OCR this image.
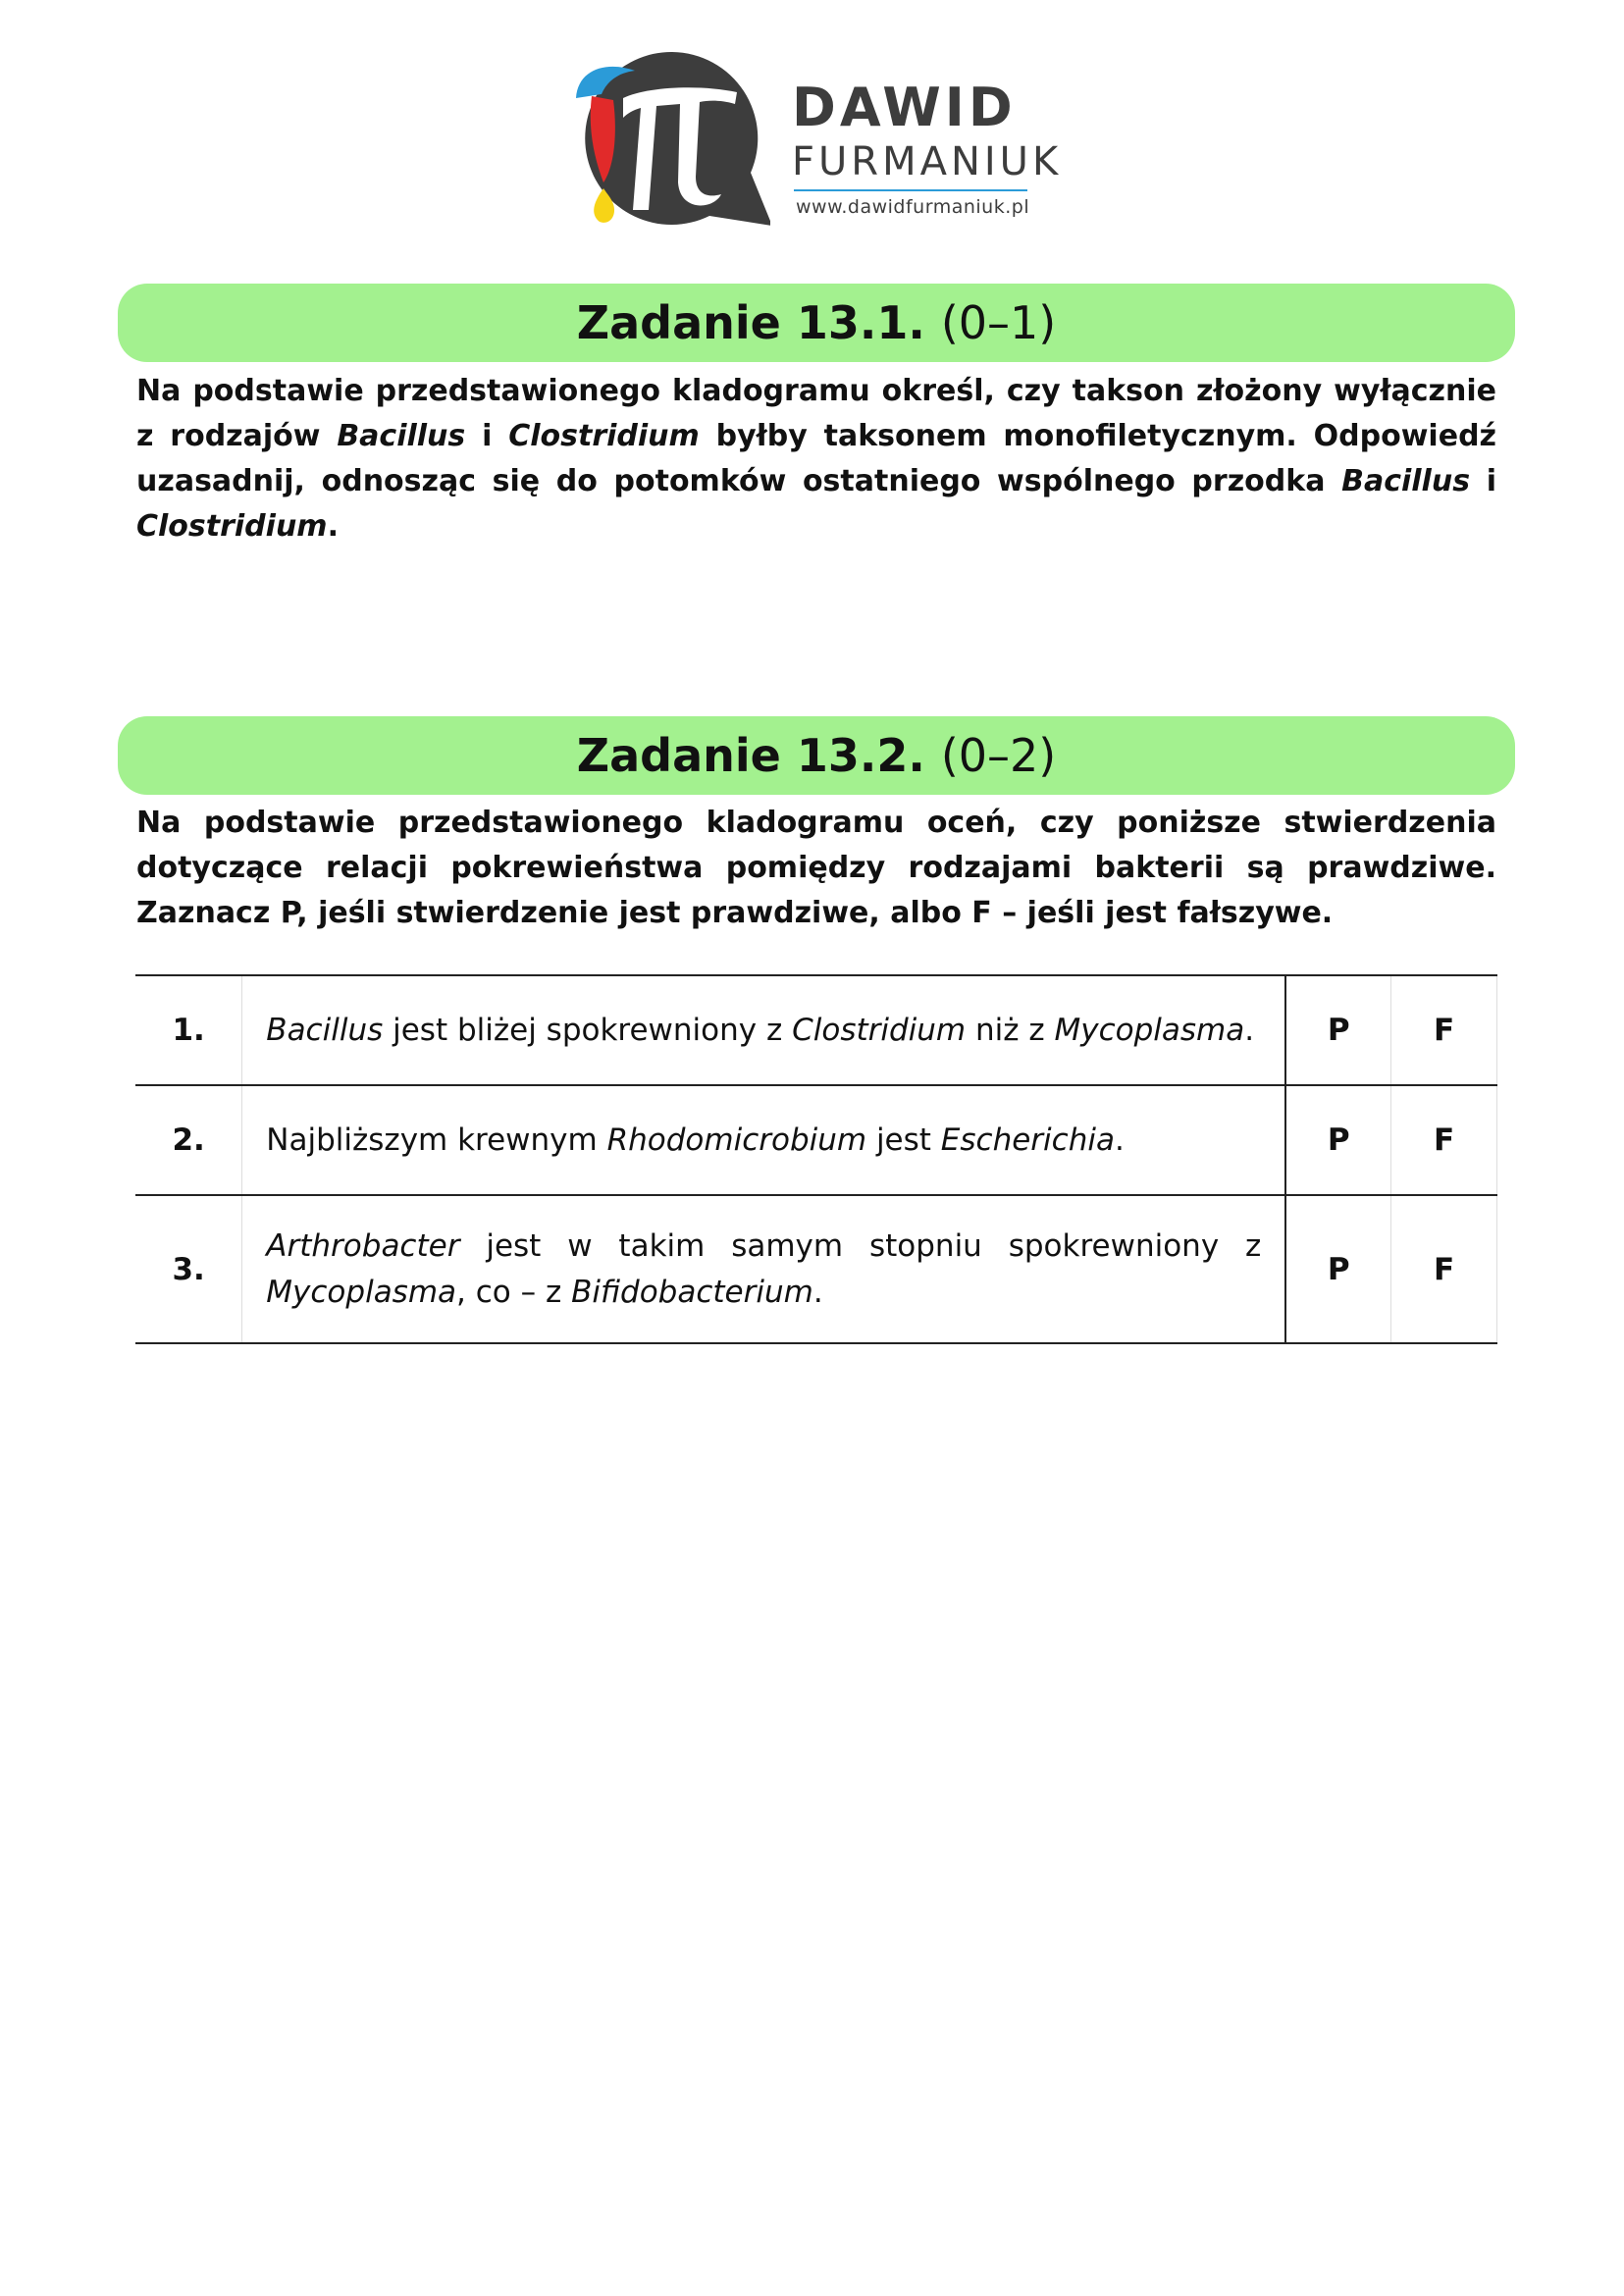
DAWID
FURMANIUK
www.dawidfurmaniuk.pl
Zadanie 13.1. (0–1)
Na podstawie przedstawionego kladogramu określ, czy takson złożony wyłącznie z rodzajów Bacillus i Clostridium byłby taksonem monofiletycznym. Odpowiedź uzasadnij, odnosząc się do potomków ostatniego wspólnego przodka Bacillus i Clostridium.
Zadanie 13.2. (0–2)
Na podstawie przedstawionego kladogramu oceń, czy poniższe stwierdzenia dotyczące relacji pokrewieństwa pomiędzy rodzajami bakterii są prawdziwe. Zaznacz P, jeśli stwierdzenie jest prawdziwe, albo F – jeśli jest fałszywe.
1.	Bacillus jest bliżej spokrewniony z Clostridium niż z Mycoplasma.	P	F
2.	Najbliższym krewnym Rhodomicrobium jest Escherichia.	P	F
3.	Arthrobacter jest w takim samym stopniu spokrewniony z Mycoplasma, co – z Bifidobacterium.	P	F
